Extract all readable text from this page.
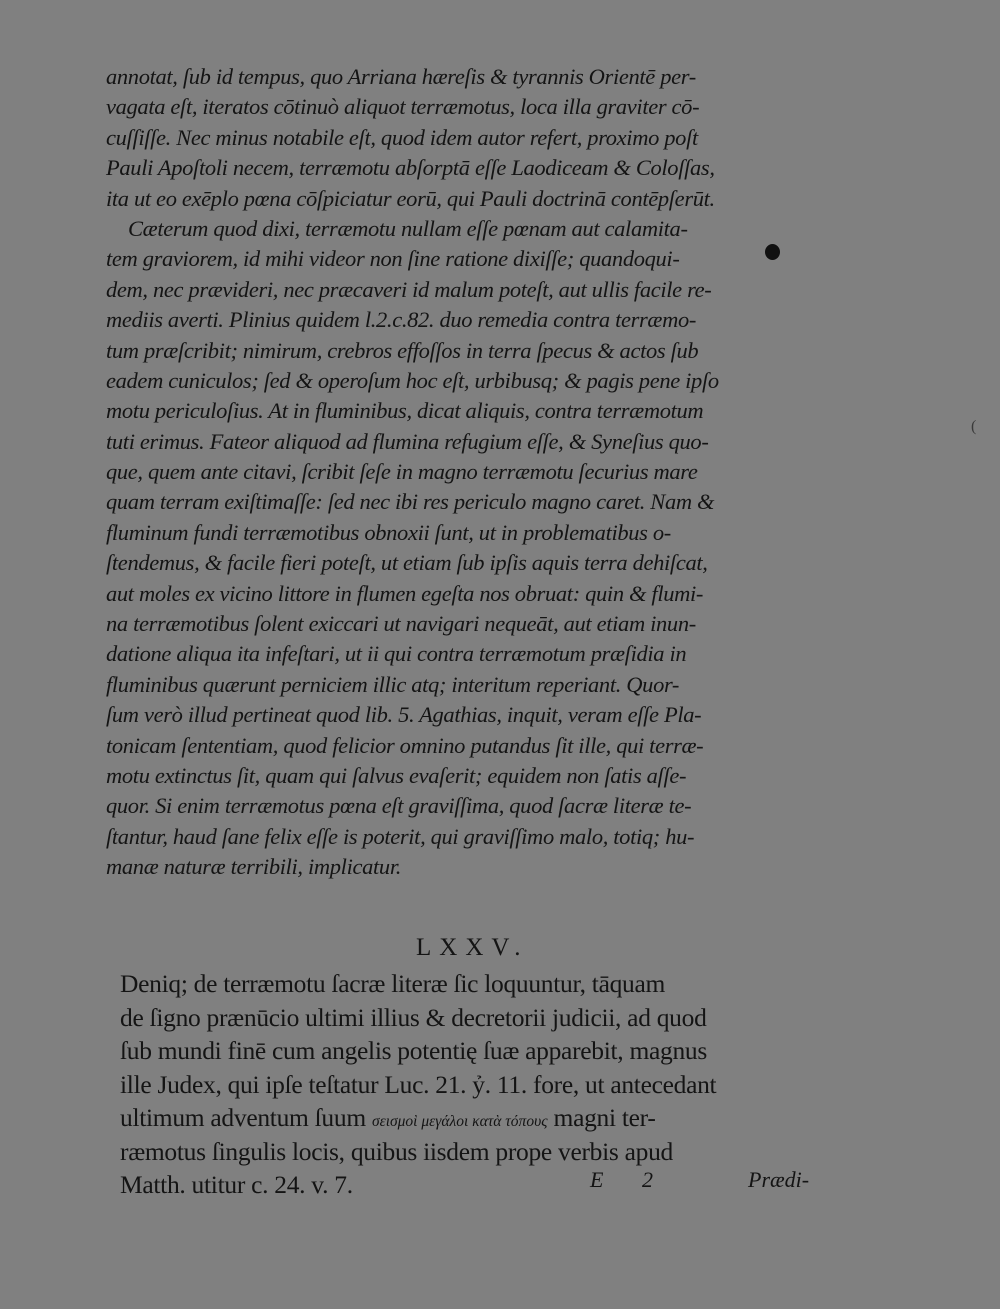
annotat, ſub id tempus, quo Arriana hæreſis & tyrannis Orientē per-
vagata eſt, iteratos cōtinuò aliquot terræmotus, loca illa graviter cō-
cuſſiſſe. Nec minus notabile eſt, quod idem autor refert, proximo poſt
Pauli Apoſtoli necem, terræmotu abſorptā eſſe Laodiceam & Coloſſas,
ita ut eo exēplo pœna cōſpiciatur eorū, qui Pauli doctrinā contēpſerūt.
Cæterum quod dixi, terræmotu nullam eſſe pœnam aut calamita-
tem graviorem, id mihi videor non ſine ratione dixiſſe; quandoqui-
dem, nec prævideri, nec præcaveri id malum poteſt, aut ullis facile re-
mediis averti. Plinius quidem l.2.c.82. duo remedia contra terræmo-
tum præſcribit; nimirum, crebros effoſſos in terra ſpecus & actos ſub
eadem cuniculos; ſed & operoſum hoc eſt, urbibusq; & pagis pene ipſo
motu periculoſius. At in fluminibus, dicat aliquis, contra terræmotum
tuti erimus. Fateor aliquod ad flumina refugium eſſe, & Syneſius quo-
que, quem ante citavi, ſcribit ſeſe in magno terræmotu ſecurius mare
quam terram exiſtimaſſe: ſed nec ibi res periculo magno caret. Nam &
fluminum fundi terræmotibus obnoxii ſunt, ut in problematibus o-
ſtendemus, & facile fieri poteſt, ut etiam ſub ipſis aquis terra dehiſcat,
aut moles ex vicino littore in flumen egeſta nos obruat: quin & flumi-
na terræmotibus ſolent exiccari ut navigari nequeāt, aut etiam inun-
datione aliqua ita infeſtari, ut ii qui contra terræmotum præſidia in
fluminibus quærunt perniciem illic atq; interitum reperiant. Quor-
ſum verò illud pertineat quod lib. 5. Agathias, inquit, veram eſſe Pla-
tonicam ſententiam, quod felicior omnino putandus ſit ille, qui terræ-
motu extinctus ſit, quam qui ſalvus evaſerit; equidem non ſatis aſſe-
quor. Si enim terræmotus pœna eſt graviſſima, quod ſacræ literæ te-
ſtantur, haud ſane felix eſſe is poterit, qui graviſſimo malo, totiq; hu-
manæ naturæ terribili, implicatur.
(
LXXV.
Deniq; de terræmotu ſacræ literæ ſic loquuntur, tāquam
de ſigno prænūcio ultimi illius & decretorii judicii, ad quod
ſub mundi finē cum angelis potentię ſuæ apparebit, magnus
ille Judex, qui ipſe teſtatur Luc. 21. ỷ. 11. fore, ut antecedant
ultimum adventum ſuum σεισμοὶ μεγάλοι κατὰ τόπους magni ter-
ræmotus ſingulis locis, quibus iisdem prope verbis apud
Matth. utitur c. 24. v. 7.	E 2	Prædi-
